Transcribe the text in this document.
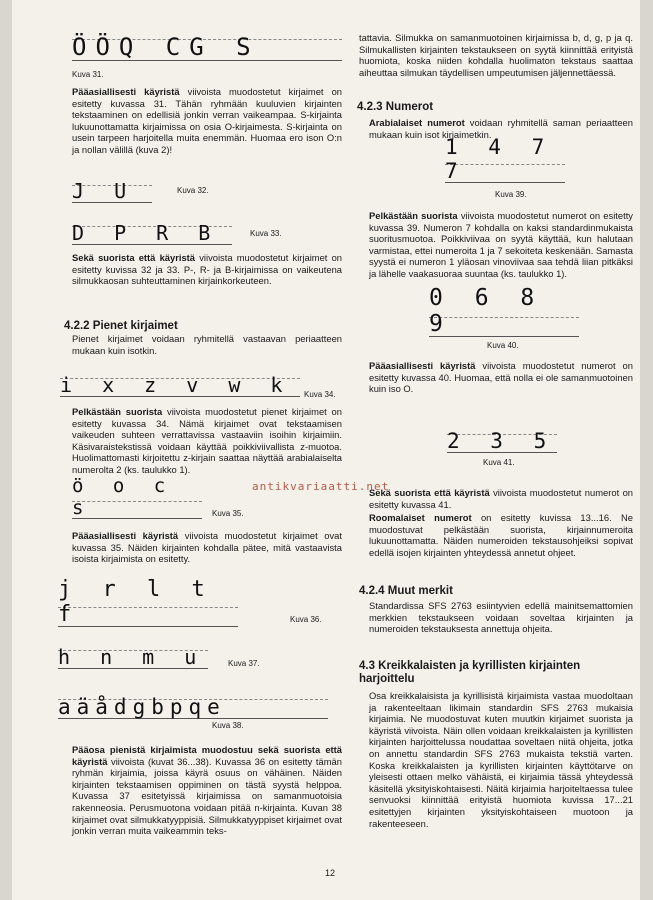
ÖÖQ CG S
Kuva 31.

Pääasiallisesti käyristä viivoista muodostetut kirjaimet on esitetty kuvassa 31. Tähän ryhmään kuuluvien kirjainten tekstaaminen on edellisiä jonkin verran vaikeampaa. S-kirjainta lukuunottamatta kirjaimissa on osia O-kirjaimesta. S-kirjainta on usein tarpeen harjoitella muita enemmän. Huomaa ero ison O:n ja nollan välillä (kuva 2)!

J U	Kuva 32.
D P R B	Kuva 33.

Sekä suorista että käyristä viivoista muodostetut kirjaimet on esitetty kuvissa 32 ja 33. P-, R- ja B-kirjaimissa on vaikeutena silmukkaosan suhteuttaminen kirjainkorkeuteen.

4.2.2 Pienet kirjaimet

Pienet kirjaimet voidaan ryhmitellä vastaavan periaatteen mukaan kuin isotkin.

i x z v w k Kuva 34.

Pelkästään suorista viivoista muodostetut pienet kirjaimet on esitetty kuvassa 34. Nämä kirjaimet ovat tekstaamisen vaikeuden suhteen verrattavissa vastaaviin isoihin kirjaimiin. Käsivaraistekstissä voidaan käyttää poikkiviivallista z-muotoa. Huolimattomasti kirjoitettu z-kirjain saattaa näyttää arabialaiselta numerolta 2 (ks. taulukko 1).

ö o c s	Kuva 35.

Pääasiallisesti käyristä viivoista muodostetut kirjaimet ovat kuvassa 35. Näiden kirjainten kohdalla pätee, mitä vastaavista isoista kirjaimista on esitetty.

j r l t f	Kuva 36.
h n m u	Kuva 37.
aäådgbpqe
Kuva 38.

Pääosa pienistä kirjaimista muodostuu sekä suorista että käyristä viivoista (kuvat 36...38). Kuvassa 36 on esitetty tämän ryhmän kirjaimia, joissa käyrä osuus on vähäinen. Näiden kirjainten tekstaamisen oppiminen on tästä syystä helppoa. Kuvassa 37 esitetyissä kirjaimissa on samanmuotoisia rakenneosia. Perusmuotona voidaan pitää n-kirjainta. Kuvan 38 kirjaimet ovat silmukkatyyppisiä. Silmukkatyyppiset kirjaimet ovat jonkin verran muita vaikeammin teks-

tattavia. Silmukka on samanmuotoinen kirjaimissa b, d, g, p ja q. Silmukallisten kirjainten tekstaukseen on syytä kiinnittää erityistä huomiota, koska niiden kohdalla huolimaton tekstaus saattaa aiheuttaa silmukan täydellisen umpeutumisen jäljennettäessä.

4.2.3 Numerot

Arabialaiset numerot voidaan ryhmitellä saman periaatteen mukaan kuin isot kirjaimetkin.

1 4 7 7
Kuva 39.

Pelkästään suorista viivoista muodostetut numerot on esitetty kuvassa 39. Numeron 7 kohdalla on kaksi standardinmukaista suoritusmuotoa. Poikkiviivaa on syytä käyttää, kun halutaan varmistaa, ettei numeroita 1 ja 7 sekoiteta keskenään. Samasta syystä ei numeron 1 yläosan vinoviivaa saa tehdä liian pitkäksi ja lähelle vaakasuoraa suuntaa (ks. taulukko 1).

0 6 8 9
Kuva 40.

Pääasiallisesti käyristä viivoista muodostetut numerot on esitetty kuvassa 40. Huomaa, että nolla ei ole samanmuotoinen kuin iso O.

2 3 5
Kuva 41.

Sekä suorista että käyristä viivoista muodostetut numerot on esitetty kuvassa 41.

Roomalaiset numerot on esitetty kuvissa 13...16. Ne muodostuvat pelkästään suorista, kirjainnumeroita lukuunottamatta. Näiden numeroiden tekstausohjeiksi sopivat edellä isojen kirjainten yhteydessä annetut ohjeet.

4.2.4 Muut merkit

Standardissa SFS 2763 esiintyvien edellä mainitsemattomien merkkien tekstaukseen voidaan soveltaa kirjainten ja numeroiden tekstauksesta annettuja ohjeita.

4.3 Kreikkalaisten ja kyrillisten kirjainten harjoittelu

Osa kreikkalaisista ja kyrillisistä kirjaimista vastaa muodoltaan ja rakenteeltaan likimain standardin SFS 2763 mukaisia kirjaimia. Ne muodostuvat kuten muutkin kirjaimet suorista ja käyristä viivoista. Näin ollen voidaan kreikkalaisten ja kyrillisten kirjainten harjoittelussa noudattaa soveltaen niitä ohjeita, jotka on annettu standardin SFS 2763 mukaista tekstiä varten. Koska kreikkalaisten ja kyrillisten kirjainten käyttötarve on yleisesti ottaen melko vähäistä, ei kirjaimia tässä yhteydessä käsitellä yksityiskohtaisesti. Näitä kirjaimia harjoiteltaessa tulee senvuoksi kiinnittää erityistä huomiota kuvissa 17...21 esitettyjen kirjainten yksityiskohtaiseen muotoon ja rakenteeseen.

antikvariaatti.net
12
